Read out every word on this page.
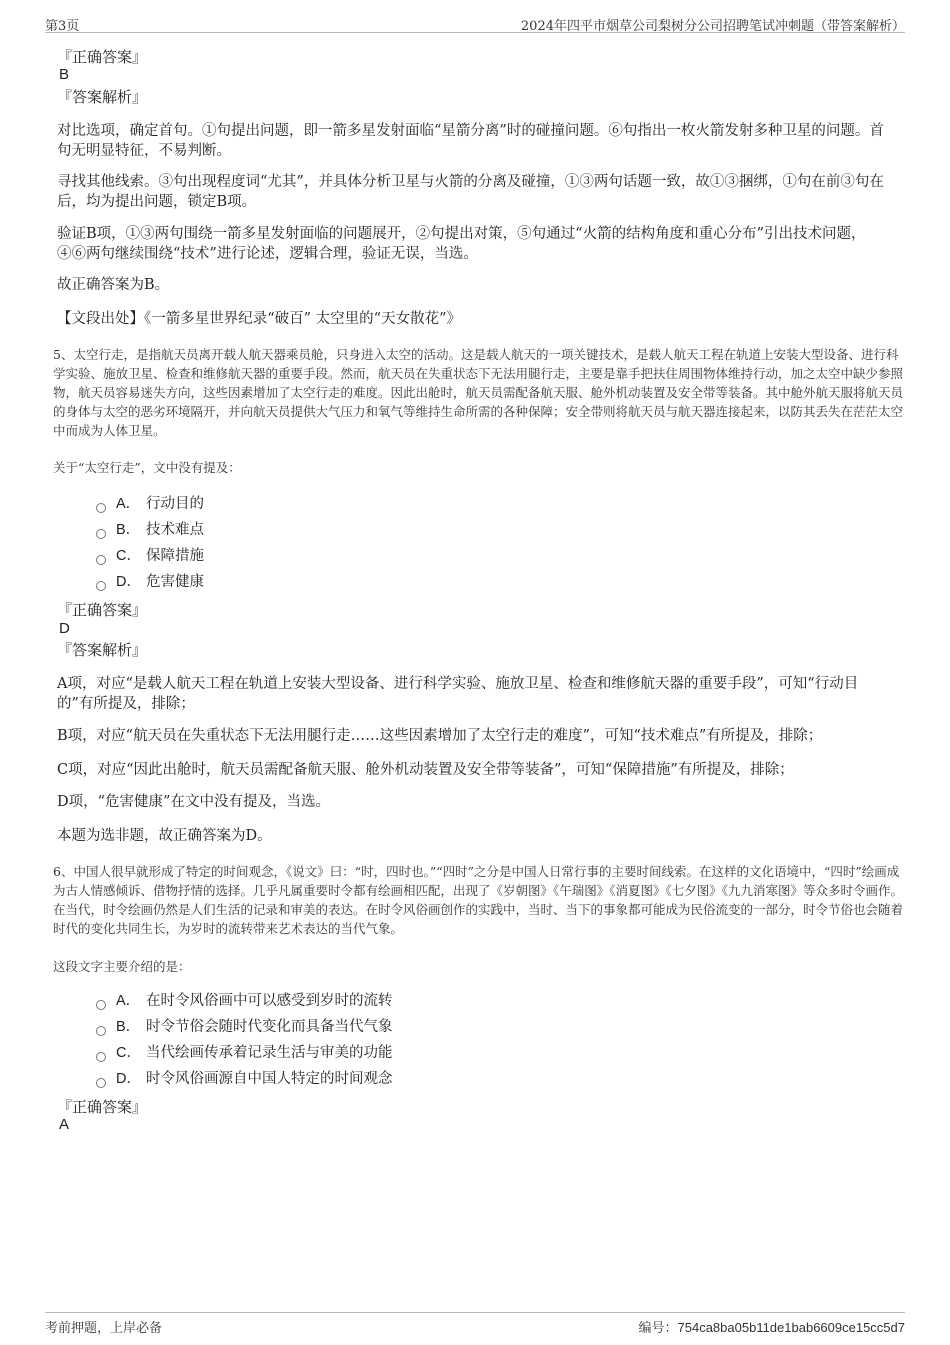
第3页	2024年四平市烟草公司梨树分公司招聘笔试冲刺题（带答案解析）
『正确答案』
B
『答案解析』
对比选项，确定首句。①句提出问题，即一箭多星发射面临“星箭分离”时的碰撞问题。⑥句指出一枚火箭发射多种卫星的问题。首句无明显特征，不易判断。
寻找其他线索。③句出现程度词“尤其”，并具体分析卫星与火箭的分离及碰撞，①③两句话题一致，故①③捆绑，①句在前③句在后，均为提出问题，锁定B项。
验证B项，①③两句围绕一箭多星发射面临的问题展开，②句提出对策，⑤句通过“火箭的结构角度和重心分布”引出技术问题，④⑥两句继续围绕“技术”进行论述，逻辑合理，验证无误，当选。
故正确答案为B。
【文段出处】《一箭多星世界纪录“破百” 太空里的“天女散花”》
5、太空行走，是指航天员离开载人航天器乘员舱，只身进入太空的活动。这是载人航天的一项关键技术，是载人航天工程在轨道上安装大型设备、进行科学实验、施放卫星、检查和维修航天器的重要手段。然而，航天员在失重状态下无法用腿行走，主要是靠手把扶住周围物体维持行动，加之太空中缺少参照物，航天员容易迷失方向，这些因素增加了太空行走的难度。因此出舱时，航天员需配备航天服、舱外机动装置及安全带等装备。其中舱外航天服将航天员的身体与太空的恶劣环境隔开，并向航天员提供大气压力和氧气等维持生命所需的各种保障；安全带则将航天员与航天器连接起来，以防其丢失在茫茫太空中而成为人体卫星。
关于“太空行走”，文中没有提及：
A． 行动目的
B． 技术难点
C． 保障措施
D． 危害健康
『正确答案』
D
『答案解析』
A项，对应“是载人航天工程在轨道上安装大型设备、进行科学实验、施放卫星、检查和维修航天器的重要手段”，可知“行动目的”有所提及，排除；
B项，对应“航天员在失重状态下无法用腿行走……这些因素增加了太空行走的难度”，可知“技术难点”有所提及，排除；
C项，对应“因此出舱时，航天员需配备航天服、舱外机动装置及安全带等装备”，可知“保障措施”有所提及，排除；
D项，“危害健康”在文中没有提及，当选。
本题为选非题，故正确答案为D。
6、中国人很早就形成了特定的时间观念，《说文》曰：“时，四时也。”“四时”之分是中国人日常行事的主要时间线索。在这样的文化语境中，“四时”绘画成为古人情感倾诉、借物抒情的选择。几乎凡属重要时令都有绘画相匹配，出现了《岁朝图》《午瑞图》《消夏图》《七夕图》《九九消寒图》等众多时令画作。在当代，时令绘画仍然是人们生活的记录和审美的表达。在时令风俗画创作的实践中，当时、当下的事象都可能成为民俗流变的一部分，时令节俗也会随着时代的变化共同生长，为岁时的流转带来艺术表达的当代气象。
这段文字主要介绍的是：
A． 在时令风俗画中可以感受到岁时的流转
B． 时令节俗会随时代变化而具备当代气象
C． 当代绘画传承着记录生活与审美的功能
D． 时令风俗画源自中国人特定的时间观念
『正确答案』
A
考前押题，上岸必备	编号：754ca8ba05b11de1bab6609ce15cc5d7
